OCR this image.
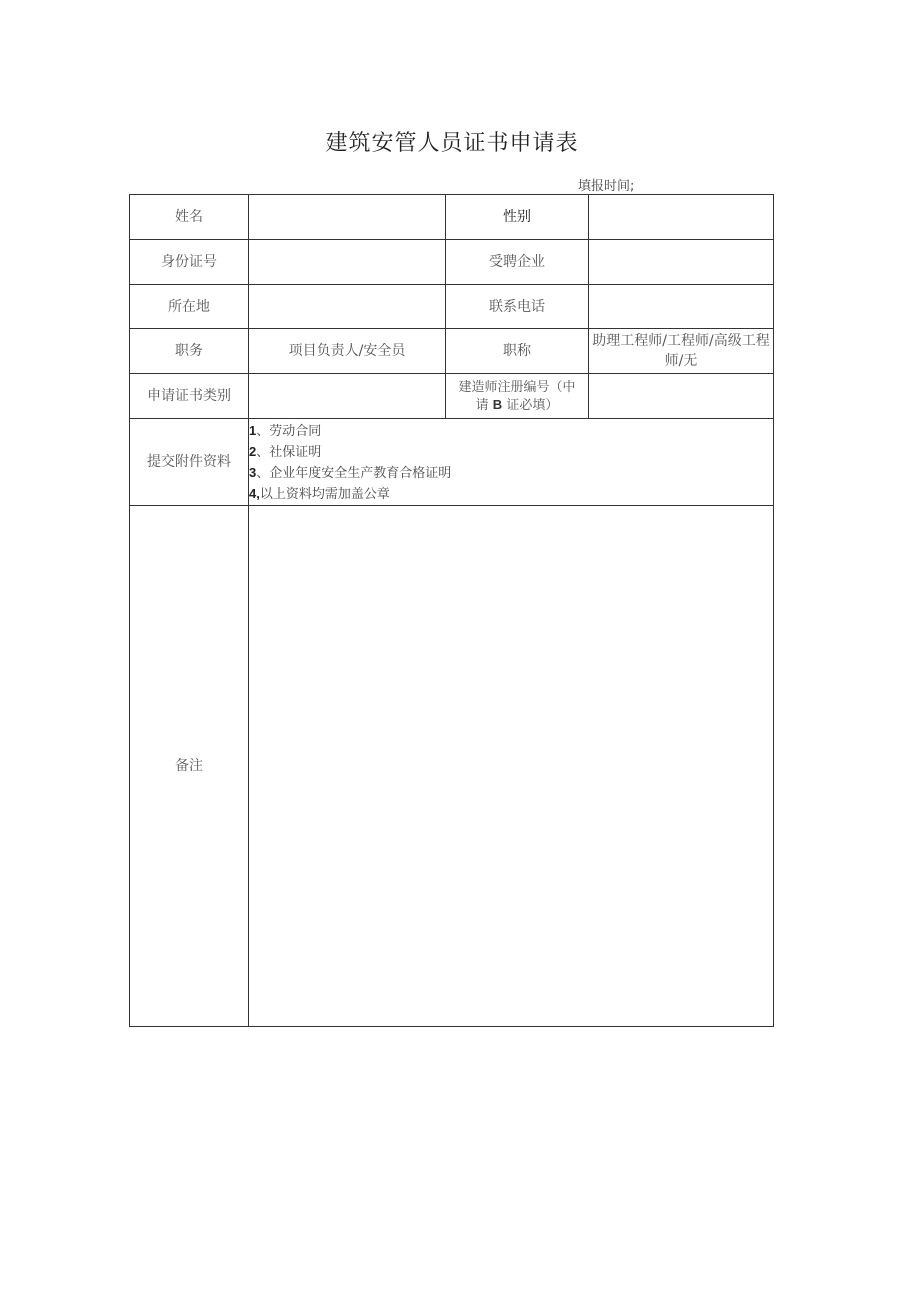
建筑安管人员证书申请表
填报时间;
姓名		性别	
身份证号		受聘企业	
所在地		联系电话	
职务	项目负责人/安全员	职称	助理工程师/工程师/高级工程师/无
申请证书类别		建造师注册编号（中
请 B 证必填）	
提交附件资料	1、劳动合同
2、社保证明
3、企业年度安全生产教育合格证明
4,以上资料均需加盖公章		

备注			
